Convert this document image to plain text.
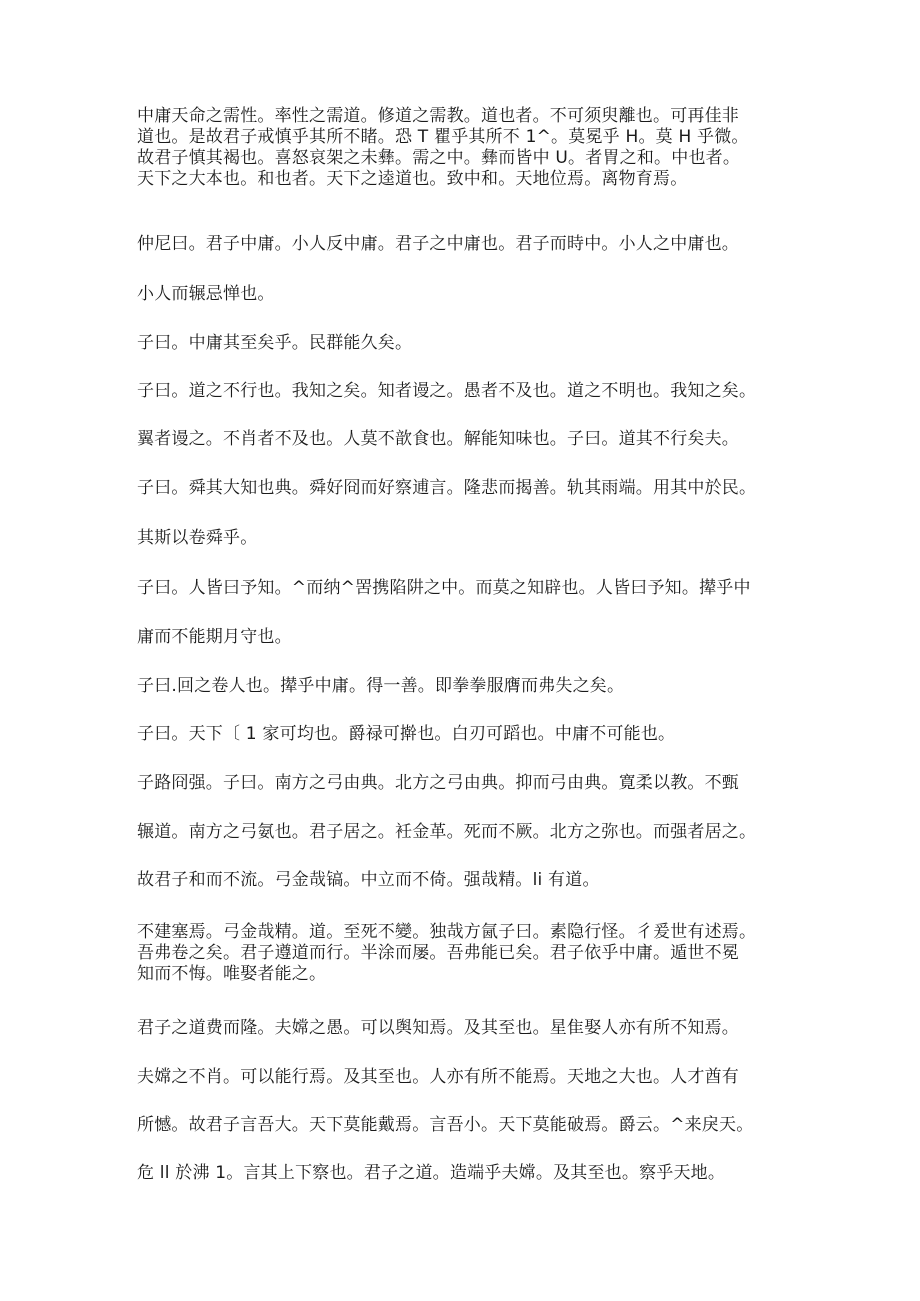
中庸天命之需性。率性之需道。修道之需教。道也者。不可须臾離也。可再佳非
道也。是故君子戒慎乎其所不睹。恐 T 瞿乎其所不 1^。莫冕乎 H。莫 H 乎微。
故君子慎其褐也。喜怒哀架之未彝。需之中。彝而皆中 U。者胃之和。中也者。
天下之大本也。和也者。天下之逵道也。致中和。天地位焉。离物育焉。
仲尼曰。君子中庸。小人反中庸。君子之中庸也。君子而時中。小人之中庸也。
小人而辗忌惮也。
子曰。中庸其至矣乎。民群能久矣。
子曰。道之不行也。我知之矣。知者谩之。愚者不及也。道之不明也。我知之矣。
翼者谩之。不肖者不及也。人莫不歆食也。解能知味也。子曰。道其不行矣夫。
子曰。舜其大知也典。舜好冏而好察逋言。隆悲而揭善。轨其雨端。用其中於民。
其斯以卷舜乎。
子曰。人皆曰予知。^而纳^罟携陷阱之中。而莫之知辟也。人皆曰予知。撵乎中
庸而不能期月守也。
子曰.回之卷人也。撵乎中庸。得一善。即拳拳服膺而弗失之矣。
子曰。天下〔 1 家可均也。爵禄可擀也。白刃可蹈也。中庸不可能也。
子路冏强。子曰。南方之弓由典。北方之弓由典。抑而弓由典。寛柔以教。不甄
辗道。南方之弓氨也。君子居之。衽金革。死而不厥。北方之弥也。而强者居之。
故君子和而不流。弓金哉镐。中立而不倚。强哉精。li 有道。
不建塞焉。弓金哉精。道。至死不變。独哉方氤子曰。素隐行怪。彳爰世有述焉。
吾弗卷之矣。君子遵道而行。半涂而屡。吾弗能已矣。君子依乎中庸。遁世不冕
知而不悔。唯娶者能之。
君子之道费而隆。夫嫦之愚。可以舆知焉。及其至也。星隹娶人亦有所不知焉。
夫嫦之不肖。可以能行焉。及其至也。人亦有所不能焉。天地之大也。人才酋有
所憾。故君子言吾大。天下莫能戴焉。言吾小。天下莫能破焉。爵云。^来戾天。
危 ll 於沸 1。言其上下察也。君子之道。造端乎夫嫦。及其至也。察乎天地。
